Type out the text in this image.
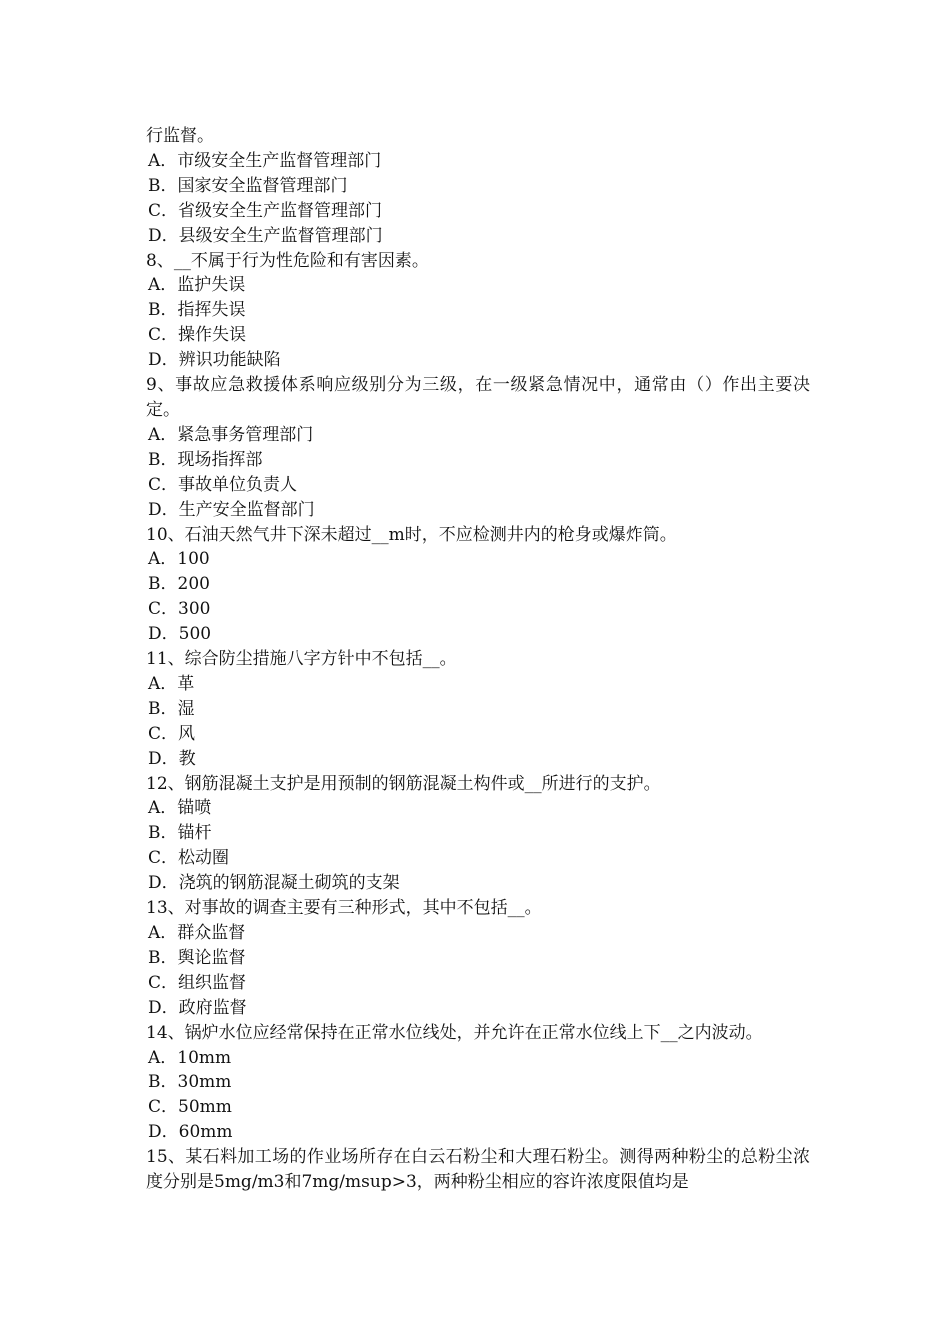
行监督。

A．市级安全生产监督管理部门

B．国家安全监督管理部门

C．省级安全生产监督管理部门

D．县级安全生产监督管理部门

8、__不属于行为性危险和有害因素。

A．监护失误

B．指挥失误

C．操作失误

D．辨识功能缺陷

9、事故应急救援体系响应级别分为三级，在一级紧急情况中，通常由（）作出主要决定。

A．紧急事务管理部门

B．现场指挥部

C．事故单位负责人

D．生产安全监督部门

10、石油天然气井下深未超过__m时，不应检测井内的枪身或爆炸筒。

A．100

B．200

C．300

D．500

11、综合防尘措施八字方针中不包括__。

A．革

B．湿

C．风

D．教

12、钢筋混凝土支护是用预制的钢筋混凝土构件或__所进行的支护。

A．锚喷

B．锚杆

C．松动圈

D．浇筑的钢筋混凝土砌筑的支架

13、对事故的调查主要有三种形式，其中不包括__。

A．群众监督

B．舆论监督

C．组织监督

D．政府监督

14、锅炉水位应经常保持在正常水位线处，并允许在正常水位线上下__之内波动。

A．10mm

B．30mm

C．50mm

D．60mm

15、某石料加工场的作业场所存在白云石粉尘和大理石粉尘。测得两种粉尘的总粉尘浓度分别是5mg/m3和7mg/msup>3，两种粉尘相应的容许浓度限值均是
